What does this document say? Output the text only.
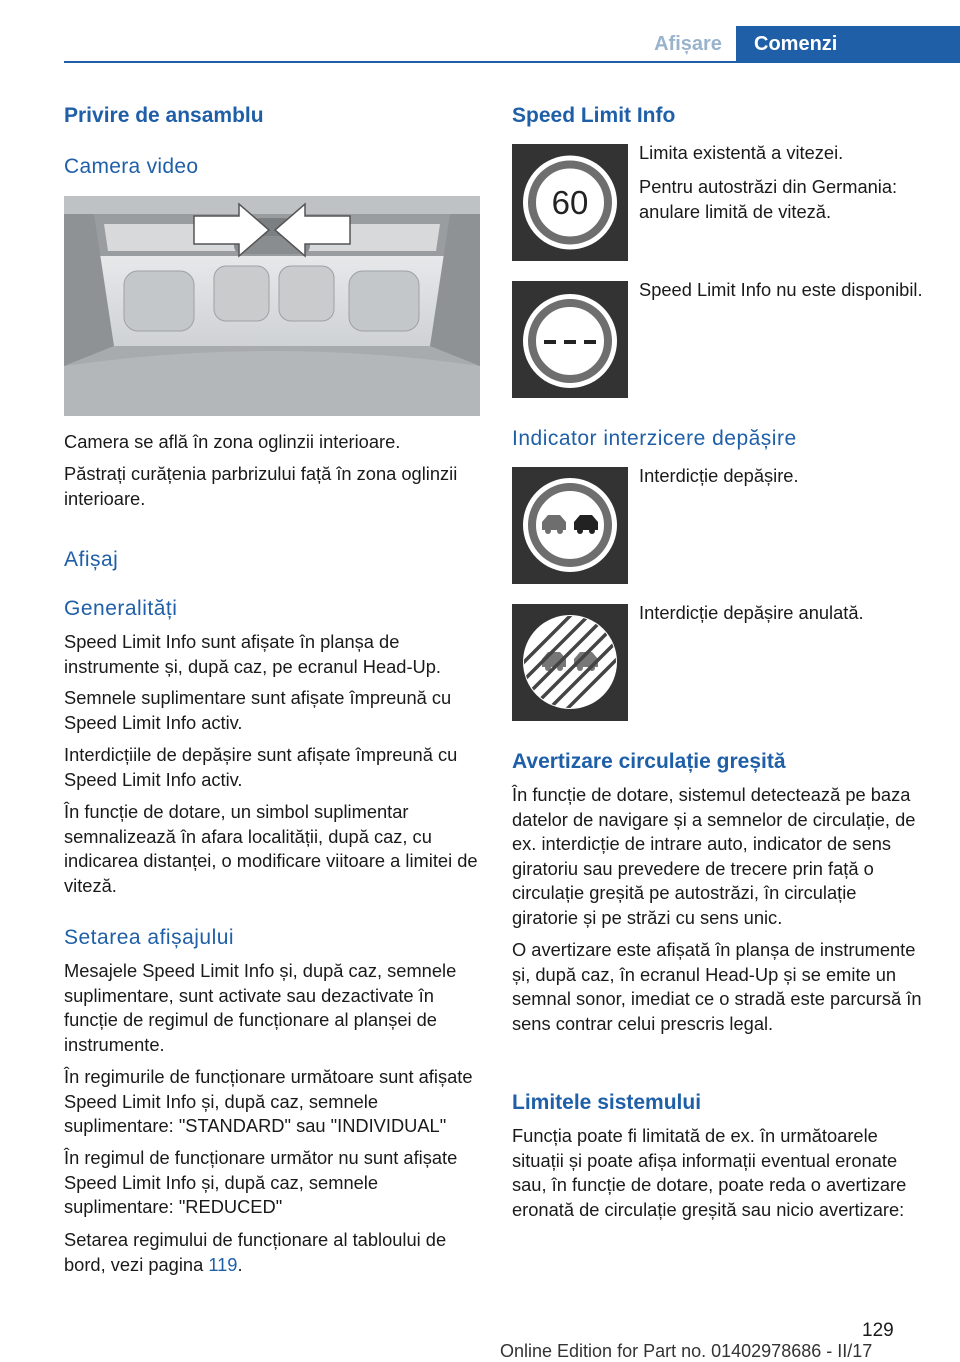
Afișare	Comenzi
Privire de ansamblu
Camera video
Camera se află în zona oglinzii interioare.
Păstrați curățenia parbrizului față în zona oglinzii interioare.
Afișaj
Generalități
Speed Limit Info sunt afișate în planșa de instrumente și, după caz, pe ecranul Head-Up.
Semnele suplimentare sunt afișate împreună cu Speed Limit Info activ.
Interdicțiile de depășire sunt afișate împreună cu Speed Limit Info activ.
În funcție de dotare, un simbol suplimentar semnalizează în afara localității, după caz, cu indicarea distanței, o modificare viitoare a limitei de viteză.
Setarea afișajului
Mesajele Speed Limit Info și, după caz, semnele suplimentare, sunt activate sau dezactivate în funcție de regimul de funcționare al planșei de instrumente.
În regimurile de funcționare următoare sunt afișate Speed Limit Info și, după caz, semnele suplimentare: "STANDARD" sau "INDIVIDUAL"
În regimul de funcționare următor nu sunt afișate Speed Limit Info și, după caz, semnele suplimentare: "REDUCED"
Setarea regimului de funcționare al tabloului de bord, vezi pagina 119.
Speed Limit Info
60
Limita existentă a vitezei.
Pentru autostrăzi din Germania: anulare limită de viteză.
Speed Limit Info nu este disponibil.
Indicator interzicere depășire
Interdicție depășire.
Interdicție depășire anulată.
Avertizare circulație greșită
În funcție de dotare, sistemul detectează pe baza datelor de navigare și a semnelor de circulație, de ex. interdicție de intrare auto, indicator de sens giratoriu sau prevedere de trecere prin față o circulație greșită pe autostrăzi, în circulație giratorie și pe străzi cu sens unic.
O avertizare este afișată în planșa de instrumente și, după caz, în ecranul Head-Up și se emite un semnal sonor, imediat ce o stradă este parcursă în sens contrar celui prescris legal.
Limitele sistemului
Funcția poate fi limitată de ex. în următoarele situații și poate afișa informații eventual eronate sau, în funcție de dotare, poate reda o avertizare eronată de circulație greșită sau nicio avertizare:
129
Online Edition for Part no. 01402978686 - II/17
